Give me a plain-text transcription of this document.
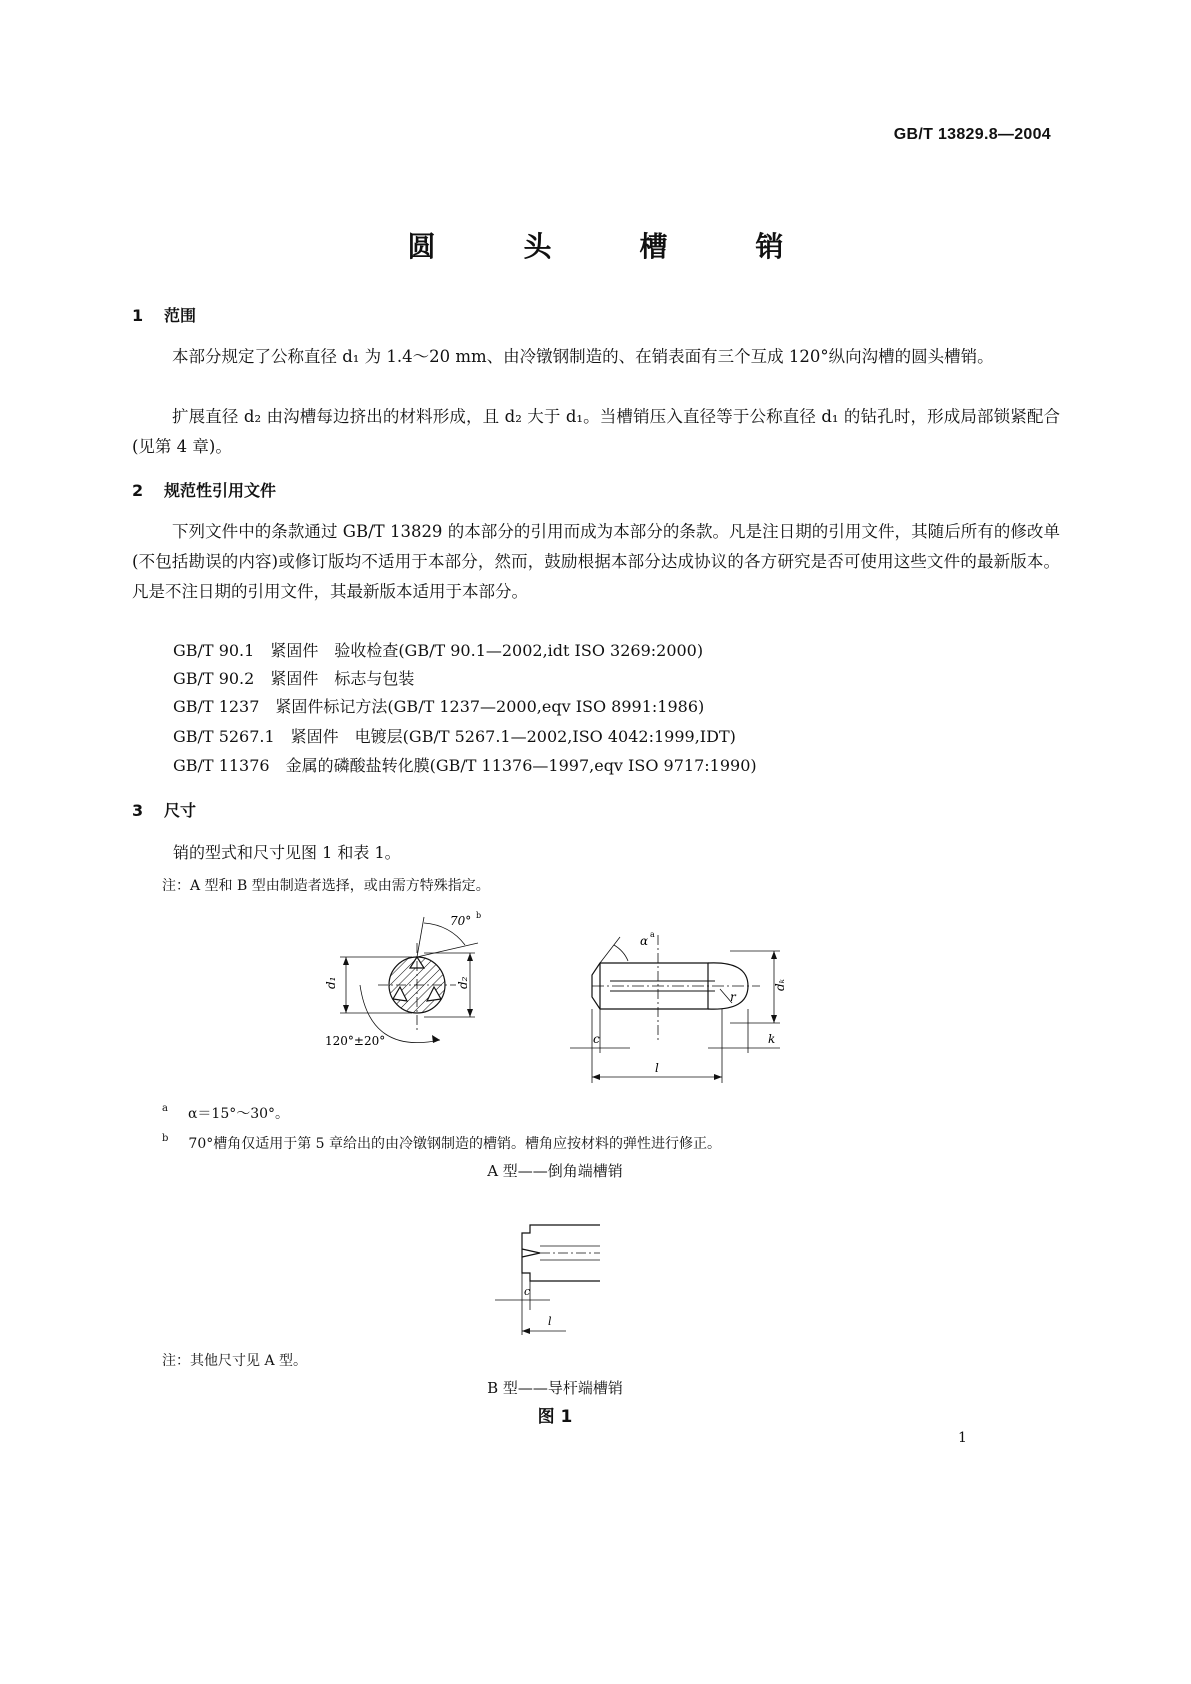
GB/T 13829.8—2004
圆　头　槽　销
1 范围
本部分规定了公称直径 d₁ 为 1.4～20 mm、由冷镦钢制造的、在销表面有三个互成 120°纵向沟槽的圆头槽销。
扩展直径 d₂ 由沟槽每边挤出的材料形成，且 d₂ 大于 d₁。当槽销压入直径等于公称直径 d₁ 的钻孔时，形成局部锁紧配合(见第 4 章)。
2 规范性引用文件
下列文件中的条款通过 GB/T 13829 的本部分的引用而成为本部分的条款。凡是注日期的引用文件，其随后所有的修改单(不包括勘误的内容)或修订版均不适用于本部分，然而，鼓励根据本部分达成协议的各方研究是否可使用这些文件的最新版本。凡是不注日期的引用文件，其最新版本适用于本部分。
GB/T 90.1　紧固件　验收检查(GB/T 90.1—2002,idt ISO 3269:2000)
GB/T 90.2　紧固件　标志与包装
GB/T 1237　紧固件标记方法(GB/T 1237—2000,eqv ISO 8991:1986)
GB/T 5267.1　紧固件　电镀层(GB/T 5267.1—2002,ISO 4042:1999,IDT)
GB/T 11376　金属的磷酸盐转化膜(GB/T 11376—1997,eqv ISO 9717:1990)
3 尺寸
销的型式和尺寸见图 1 和表 1。
注：A 型和 B 型由制造者选择，或由需方特殊指定。
70° b
d₁	d₂
120°±20°
α a
r
dₖ
c
l
k
$^a$ α＝15°～30°。
$^b$ 70°槽角仅适用于第 5 章给出的由冷镦钢制造的槽销。槽角应按材料的弹性进行修正。
A 型——倒角端槽销
c
l
注：其他尺寸见 A 型。
B 型——导杆端槽销
图 1
1
